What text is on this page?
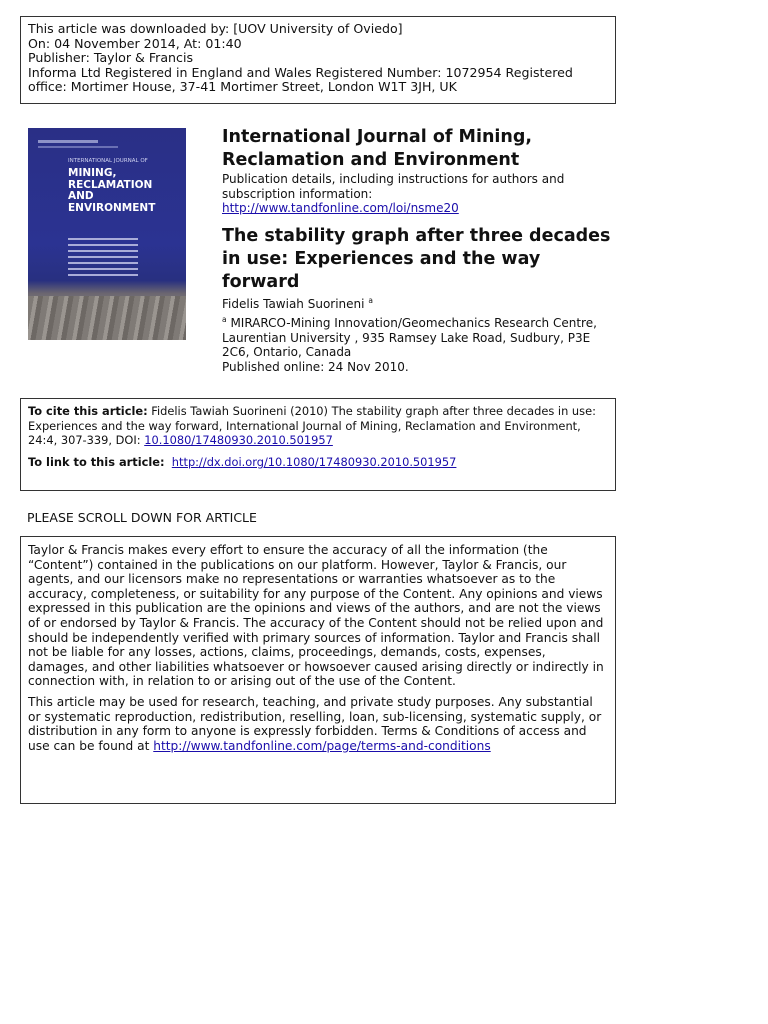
This article was downloaded by: [UOV University of Oviedo]
On: 04 November 2014, At: 01:40
Publisher: Taylor & Francis
Informa Ltd Registered in England and Wales Registered Number: 1072954 Registered
office: Mortimer House, 37-41 Mortimer Street, London W1T 3JH, UK
INTERNATIONAL JOURNAL OF
MINING,
RECLAMATION
AND
ENVIRONMENT
International Journal of Mining, Reclamation and Environment
Publication details, including instructions for authors and subscription information:
http://www.tandfonline.com/loi/nsme20
The stability graph after three decades in use: Experiences and the way forward
Fidelis Tawiah Suorineni $^a$
$^a$ MIRARCO-Mining Innovation/Geomechanics Research Centre, Laurentian University , 935 Ramsey Lake Road, Sudbury, P3E 2C6, Ontario, Canada
Published online: 24 Nov 2010.
To cite this article: Fidelis Tawiah Suorineni (2010) The stability graph after three decades in use: Experiences and the way forward, International Journal of Mining, Reclamation and Environment, 24:4, 307-339, DOI: 10.1080/17480930.2010.501957
To link to this article: http://dx.doi.org/10.1080/17480930.2010.501957
PLEASE SCROLL DOWN FOR ARTICLE

Taylor & Francis makes every effort to ensure the accuracy of all the information (the “Content”) contained in the publications on our platform. However, Taylor & Francis, our agents, and our licensors make no representations or warranties whatsoever as to the accuracy, completeness, or suitability for any purpose of the Content. Any opinions and views expressed in this publication are the opinions and views of the authors, and are not the views of or endorsed by Taylor & Francis. The accuracy of the Content should not be relied upon and should be independently verified with primary sources of information. Taylor and Francis shall not be liable for any losses, actions, claims, proceedings, demands, costs, expenses, damages, and other liabilities whatsoever or howsoever caused arising directly or indirectly in connection with, in relation to or arising out of the use of the Content.

This article may be used for research, teaching, and private study purposes. Any substantial or systematic reproduction, redistribution, reselling, loan, sub-licensing, systematic supply, or distribution in any form to anyone is expressly forbidden. Terms & Conditions of access and use can be found at http://www.tandfonline.com/page/terms-and-conditions
